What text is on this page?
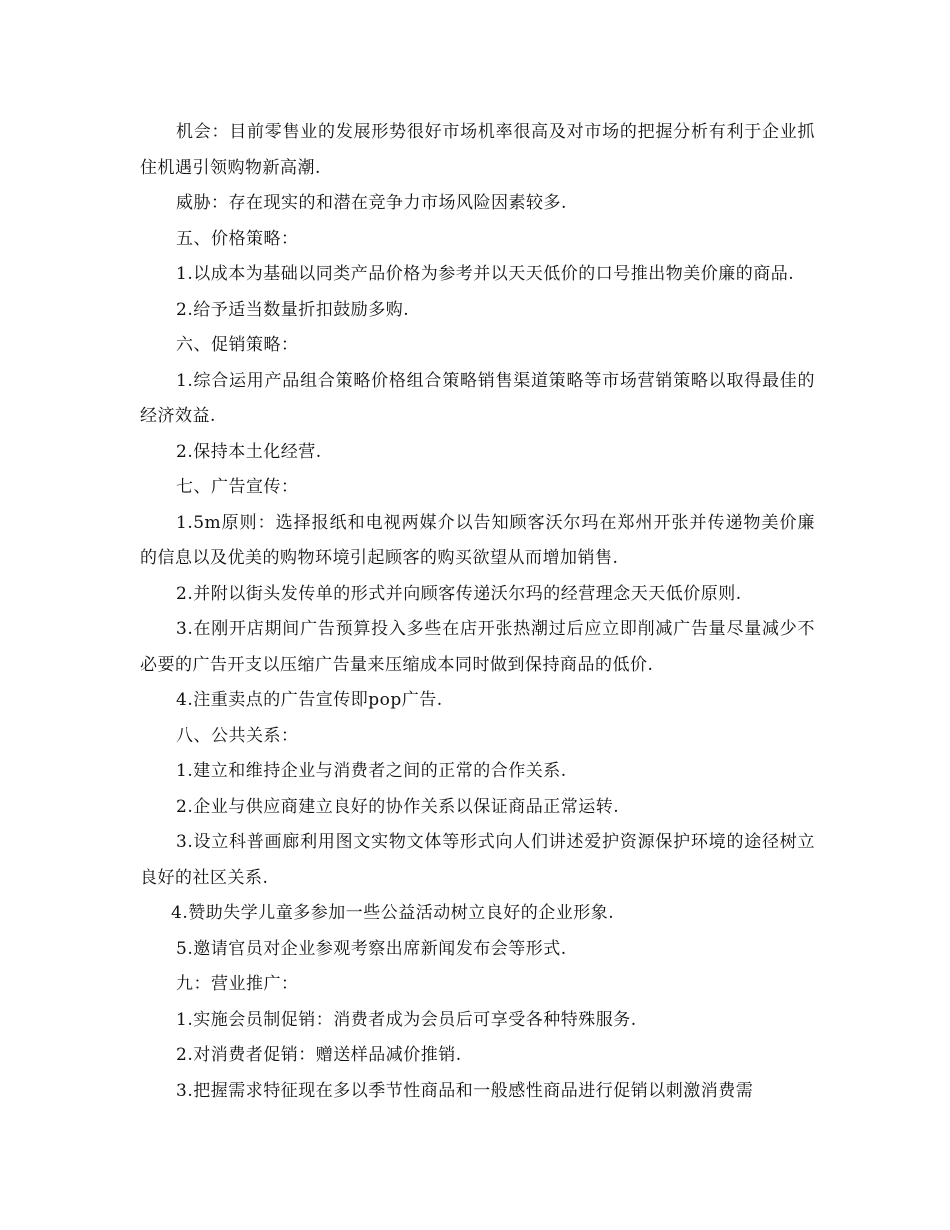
机会：目前零售业的发展形势很好市场机率很高及对市场的把握分析有利于企业抓住机遇引领购物新高潮.

威胁：存在现实的和潜在竞争力市场风险因素较多.

五、价格策略：

1.以成本为基础以同类产品价格为参考并以天天低价的口号推出物美价廉的商品.

2.给予适当数量折扣鼓励多购.

六、促销策略：

1.综合运用产品组合策略价格组合策略销售渠道策略等市场营销策略以取得最佳的经济效益.

2.保持本土化经营.

七、广告宣传：

1.5m原则：选择报纸和电视两媒介以告知顾客沃尔玛在郑州开张并传递物美价廉的信息以及优美的购物环境引起顾客的购买欲望从而增加销售.

2.并附以街头发传单的形式并向顾客传递沃尔玛的经营理念天天低价原则.

3.在刚开店期间广告预算投入多些在店开张热潮过后应立即削减广告量尽量减少不必要的广告开支以压缩广告量来压缩成本同时做到保持商品的低价.

4.注重卖点的广告宣传即pop广告.

八、公共关系：

1.建立和维持企业与消费者之间的正常的合作关系.

2.企业与供应商建立良好的协作关系以保证商品正常运转.

3.设立科普画廊利用图文实物文体等形式向人们讲述爱护资源保护环境的途径树立良好的社区关系.

4.赞助失学儿童多参加一些公益活动树立良好的企业形象.

5.邀请官员对企业参观考察出席新闻发布会等形式.

九：营业推广：

1.实施会员制促销：消费者成为会员后可享受各种特殊服务.

2.对消费者促销：赠送样品减价推销.

3.把握需求特征现在多以季节性商品和一般感性商品进行促销以刺激消费需
